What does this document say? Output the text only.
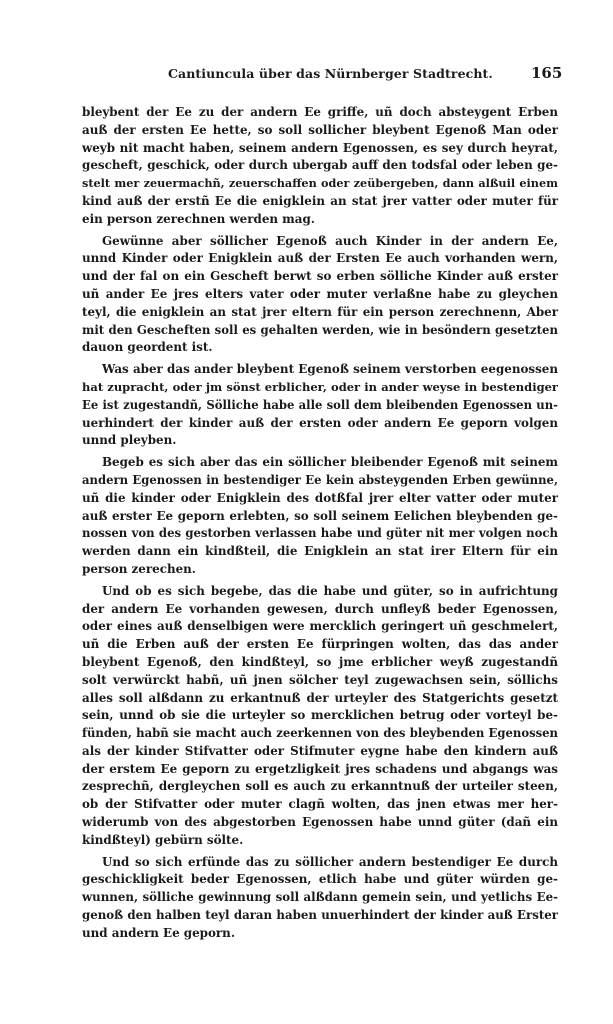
Cantiuncula über das Nürnberger Stadtrecht.	165
bleybent der Ee zu der andern Ee griffe, uñ doch absteygent Erben
auß der ersten Ee hette, so soll sollicher bleybent Egenoß Man oder
weyb nit macht haben, seinem andern Egenossen, es sey durch heyrat,
gescheft, geschick, oder durch ubergab auff den todsfal oder leben ge-
stelt mer zeuermachñ, zeuerschaffen oder zeübergeben, dann alßuil einem
kind auß der erstñ Ee die enigklein an stat jrer vatter oder muter für
ein person zerechnen werden mag.
Gewünne aber söllicher Egenoß auch Kinder in der andern Ee,
unnd Kinder oder Enigklein auß der Ersten Ee auch vorhanden wern,
und der fal on ein Gescheft berwt so erben sölliche Kinder auß erster
uñ ander Ee jres elters vater oder muter verlaßne habe zu gleychen
teyl, die enigklein an stat jrer eltern für ein person zerechnenn, Aber
mit den Gescheften soll es gehalten werden, wie in besöndern gesetzten
dauon geordent ist.
Was aber das ander bleybent Egenoß seinem verstorben eegenossen
hat zupracht, oder jm sönst erblicher, oder in ander weyse in bestendiger
Ee ist zugestandñ, Sölliche habe alle soll dem bleibenden Egenossen un-
uerhindert der kinder auß der ersten oder andern Ee geporn volgen
unnd pleyben.
Begeb es sich aber das ein söllicher bleibender Egenoß mit seinem
andern Egenossen in bestendiger Ee kein absteygenden Erben gewünne,
uñ die kinder oder Enigklein des dotßfal jrer elter vatter oder muter
auß erster Ee geporn erlebten, so soll seinem Eelichen bleybenden ge-
nossen von des gestorben verlassen habe und güter nit mer volgen noch
werden dann ein kindßteil, die Enigklein an stat irer Eltern für ein
person zerechen.
Und ob es sich begebe, das die habe und güter, so in aufrichtung
der andern Ee vorhanden gewesen, durch unfleyß beder Egenossen,
oder eines auß denselbigen were mercklich geringert uñ geschmelert,
uñ die Erben auß der ersten Ee fürpringen wolten, das das ander
bleybent Egenoß, den kindßteyl, so jme erblicher weyß zugestandñ
solt verwürckt habñ, uñ jnen sölcher teyl zugewachsen sein, söllichs
alles soll alßdann zu erkantnuß der urteyler des Statgerichts gesetzt
sein, unnd ob sie die urteyler so mercklichen betrug oder vorteyl be-
fünden, habñ sie macht auch zeerkennen von des bleybenden Egenossen
als der kinder Stifvatter oder Stifmuter eygne habe den kindern auß
der erstem Ee geporn zu ergetzligkeit jres schadens und abgangs was
zesprechñ, dergleychen soll es auch zu erkanntnuß der urteiler steen,
ob der Stifvatter oder muter clagñ wolten, das jnen etwas mer her-
widerumb von des abgestorben Egenossen habe unnd güter (dañ ein
kindßteyl) gebürn sölte.
Und so sich erfünde das zu söllicher andern bestendiger Ee durch
geschickligkeit beder Egenossen, etlich habe und güter würden ge-
wunnen, sölliche gewinnung soll alßdann gemein sein, und yetlichs Ee-
genoß den halben teyl daran haben unuerhindert der kinder auß Erster
und andern Ee geporn.
